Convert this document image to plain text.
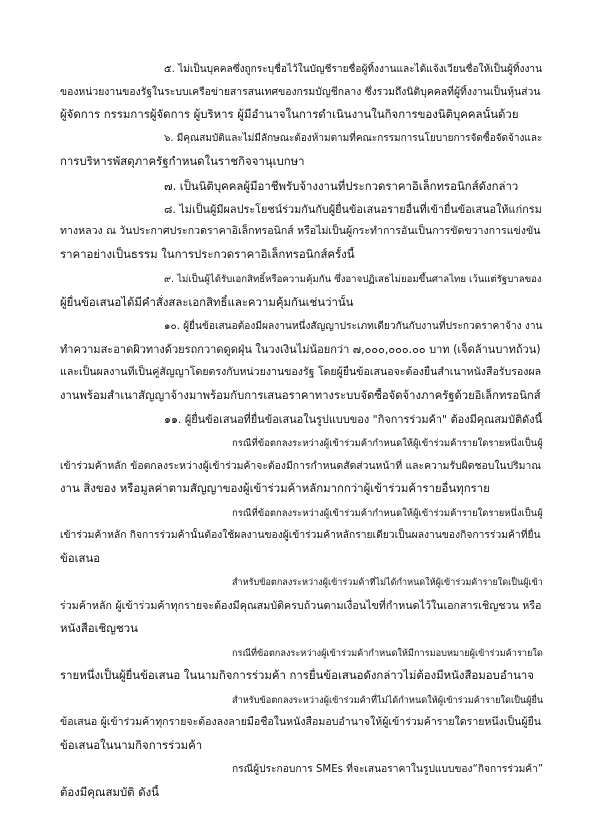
๕. ไม่เป็นบุคคลซึ่งถูกระบุชื่อไว้ในบัญชีรายชื่อผู้ทิ้งงานและได้แจ้งเวียนชื่อให้เป็นผู้ทิ้งงาน
ของหน่วยงานของรัฐในระบบเครือข่ายสารสนเทศของกรมบัญชีกลาง ซึ่งรวมถึงนิติบุคคลที่ผู้ทิ้งงานเป็นหุ้นส่วน
ผู้จัดการ กรรมการผู้จัดการ ผู้บริหาร ผู้มีอำนาจในการดำเนินงานในกิจการของนิติบุคคลนั้นด้วย
๖. มีคุณสมบัติและไม่มีลักษณะต้องห้ามตามที่คณะกรรมการนโยบายการจัดซื้อจัดจ้างและ
การบริหารพัสดุภาครัฐกำหนดในราชกิจจานุเบกษา
๗. เป็นนิติบุคคลผู้มีอาชีพรับจ้างงานที่ประกวดราคาอิเล็กทรอนิกส์ดังกล่าว
๘. ไม่เป็นผู้มีผลประโยชน์ร่วมกันกับผู้ยื่นข้อเสนอรายอื่นที่เข้ายื่นข้อเสนอให้แก่กรม
ทางหลวง ณ วันประกาศประกวดราคาอิเล็กทรอนิกส์ หรือไม่เป็นผู้กระทำการอันเป็นการขัดขวางการแข่งขัน
ราคาอย่างเป็นธรรม ในการประกวดราคาอิเล็กทรอนิกส์ครั้งนี้
๙. ไม่เป็นผู้ได้รับเอกสิทธิ์หรือความคุ้มกัน ซึ่งอาจปฏิเสธไม่ยอมขึ้นศาลไทย เว้นแต่รัฐบาลของ
ผู้ยื่นข้อเสนอได้มีคำสั่งสละเอกสิทธิ์และความคุ้มกันเช่นว่านั้น
๑๐. ผู้ยื่นข้อเสนอต้องมีผลงานหนึ่งสัญญาประเภทเดียวกันกับงานที่ประกวดราคาจ้าง งาน
ทำความสะอาดผิวทางด้วยรถกวาดดูดฝุ่น ในวงเงินไม่น้อยกว่า ๗,๐๐๐,๐๐๐.๐๐ บาท (เจ็ดล้านบาทถ้วน)
และเป็นผลงานที่เป็นคู่สัญญาโดยตรงกับหน่วยงานของรัฐ โดยผู้ยื่นข้อเสนอจะต้องยื่นสำเนาหนังสือรับรองผล
งานพร้อมสำเนาสัญญาจ้างมาพร้อมกับการเสนอราคาทางระบบจัดซื้อจัดจ้างภาครัฐด้วยอิเล็กทรอนิกส์
๑๑. ผู้ยื่นข้อเสนอที่ยื่นข้อเสนอในรูปแบบของ "กิจการร่วมค้า" ต้องมีคุณสมบัติดังนี้
กรณีที่ข้อตกลงระหว่างผู้เข้าร่วมค้ากำหนดให้ผู้เข้าร่วมค้ารายใดรายหนึ่งเป็นผู้
เข้าร่วมค้าหลัก ข้อตกลงระหว่างผู้เข้าร่วมค้าจะต้องมีการกำหนดสัดส่วนหน้าที่ และความรับผิดชอบในปริมาณ
งาน สิ่งของ หรือมูลค่าตามสัญญาของผู้เข้าร่วมค้าหลักมากกว่าผู้เข้าร่วมค้ารายอื่นทุกราย
กรณีที่ข้อตกลงระหว่างผู้เข้าร่วมค้ากำหนดให้ผู้เข้าร่วมค้ารายใดรายหนึ่งเป็นผู้
เข้าร่วมค้าหลัก กิจการร่วมค้านั้นต้องใช้ผลงานของผู้เข้าร่วมค้าหลักรายเดียวเป็นผลงานของกิจการร่วมค้าที่ยื่น
ข้อเสนอ
สำหรับข้อตกลงระหว่างผู้เข้าร่วมค้าที่ไม่ได้กำหนดให้ผู้เข้าร่วมค้ารายใดเป็นผู้เข้า
ร่วมค้าหลัก ผู้เข้าร่วมค้าทุกรายจะต้องมีคุณสมบัติครบถ้วนตามเงื่อนไขที่กำหนดไว้ในเอกสารเชิญชวน หรือ
หนังสือเชิญชวน
กรณีที่ข้อตกลงระหว่างผู้เข้าร่วมค้ากำหนดให้มีการมอบหมายผู้เข้าร่วมค้ารายใด
รายหนึ่งเป็นผู้ยื่นข้อเสนอ ในนามกิจการร่วมค้า การยื่นข้อเสนอดังกล่าวไม่ต้องมีหนังสือมอบอำนาจ
สำหรับข้อตกลงระหว่างผู้เข้าร่วมค้าที่ไม่ได้กำหนดให้ผู้เข้าร่วมค้ารายใดเป็นผู้ยื่น
ข้อเสนอ ผู้เข้าร่วมค้าทุกรายจะต้องลงลายมือชื่อในหนังสือมอบอำนาจให้ผู้เข้าร่วมค้ารายใดรายหนึ่งเป็นผู้ยื่น
ข้อเสนอในนามกิจการร่วมค้า
กรณีผู้ประกอบการ SMEs ที่จะเสนอราคาในรูปแบบของ“กิจการร่วมค้า”
ต้องมีคุณสมบัติ ดังนี้
